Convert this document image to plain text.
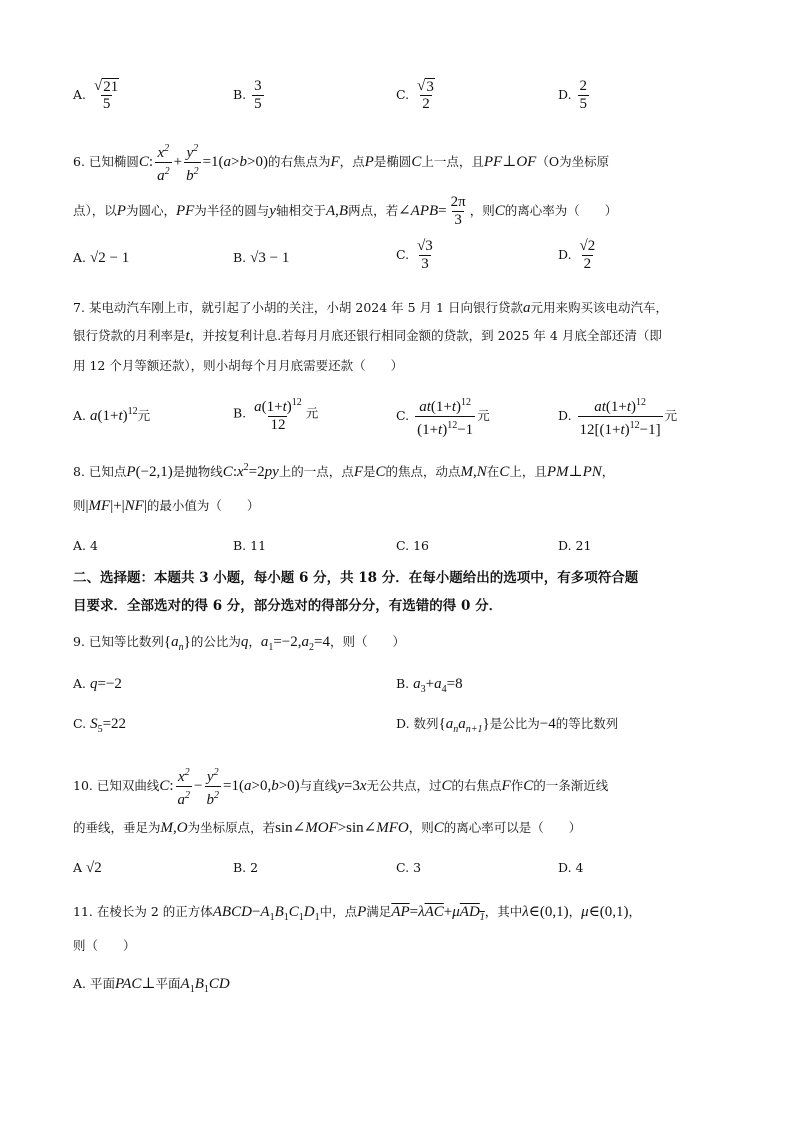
A. $\frac{√ 21}{5}$	B. $\frac{3}{5}$	C. $\frac{√ 3}{2}$	D. $\frac{2}{5}$
6. 已知椭圆C: $\frac{x^2}{a^2} + \frac{y^2}{b^2} =1(a>b>0)$的右焦点为F，点P是椭圆C上一点，且PF⊥OF（O为坐标原
点），以P为圆心，PF为半径的圆与y轴相交于A,B两点，若∠APB= $\frac{2\pi}{3}$ ，则C的离心率为（　　）
A. √2 − 1	B. √3 − 1	C. $\frac{√3}{3}$	D. $\frac{√2}{2}$
7. 某电动汽车刚上市，就引起了小胡的关注，小胡 2024 年 5 月 1 日向银行贷款a元用来购买该电动汽车，
银行贷款的月利率是t，并按复利计息.若每月月底还银行相同金额的贷款，到 2025 年 4 月底全部还清（即
用 12 个月等额还款），则小胡每个月月底需要还款（　　）
A. $a(1+t)^{12}$元	B. $\frac{a(1+t)^{12}}{12}$ 元	C. $\frac{at(1+t)^{12}}{(1+t)^{12}-1}$ 元	D. $\frac{at(1+t)^{12}}{12[(1+t)^{12}-1]}$ 元
8. 已知点P(−2,1)是抛物线$C:x^2=2py$上的一点，点F是C的焦点，动点M,N在C上，且PM⊥PN，
则|MF|+|NF|的最小值为（　　）
A. 4	B. 11	C. 16	D. 21
二、选择题：本题共 3 小题，每小题 6 分，共 18 分．在每小题给出的选项中，有多项符合题
目要求．全部选对的得 6 分，部分选对的得部分分，有选错的得 0 分．
9. 已知等比数列$\{a_n\}$的公比为q，$a_1=-2,a_2=4$，则（　　）
A. q=−2	B. $a_3+a_4=8$
C. $S_5=22$	D. 数列$\{a_na_{n+1}\}$是公比为−4的等比数列
10. 已知双曲线C: $\frac{x^2}{a^2} - \frac{y^2}{b^2} =1(a>0,b>0)$与直线y=3x无公共点，过C的右焦点F作C的一条渐近线
的垂线，垂足为M,O为坐标原点，若sin∠MOF>sin∠MFO，则C的离心率可以是（　　）
A √2	B. 2	C. 3	D. 4
11. 在棱长为 2 的正方体$ABCD-A_1B_1C_1D_1$中，点P满足$\overline{AP}=\lambda\overline{AC}+\mu AD_1$，其中λ∈(0,1)，μ∈(0,1)，
则（　　）
A. 平面PAC⊥平面$A_1B_1CD$
